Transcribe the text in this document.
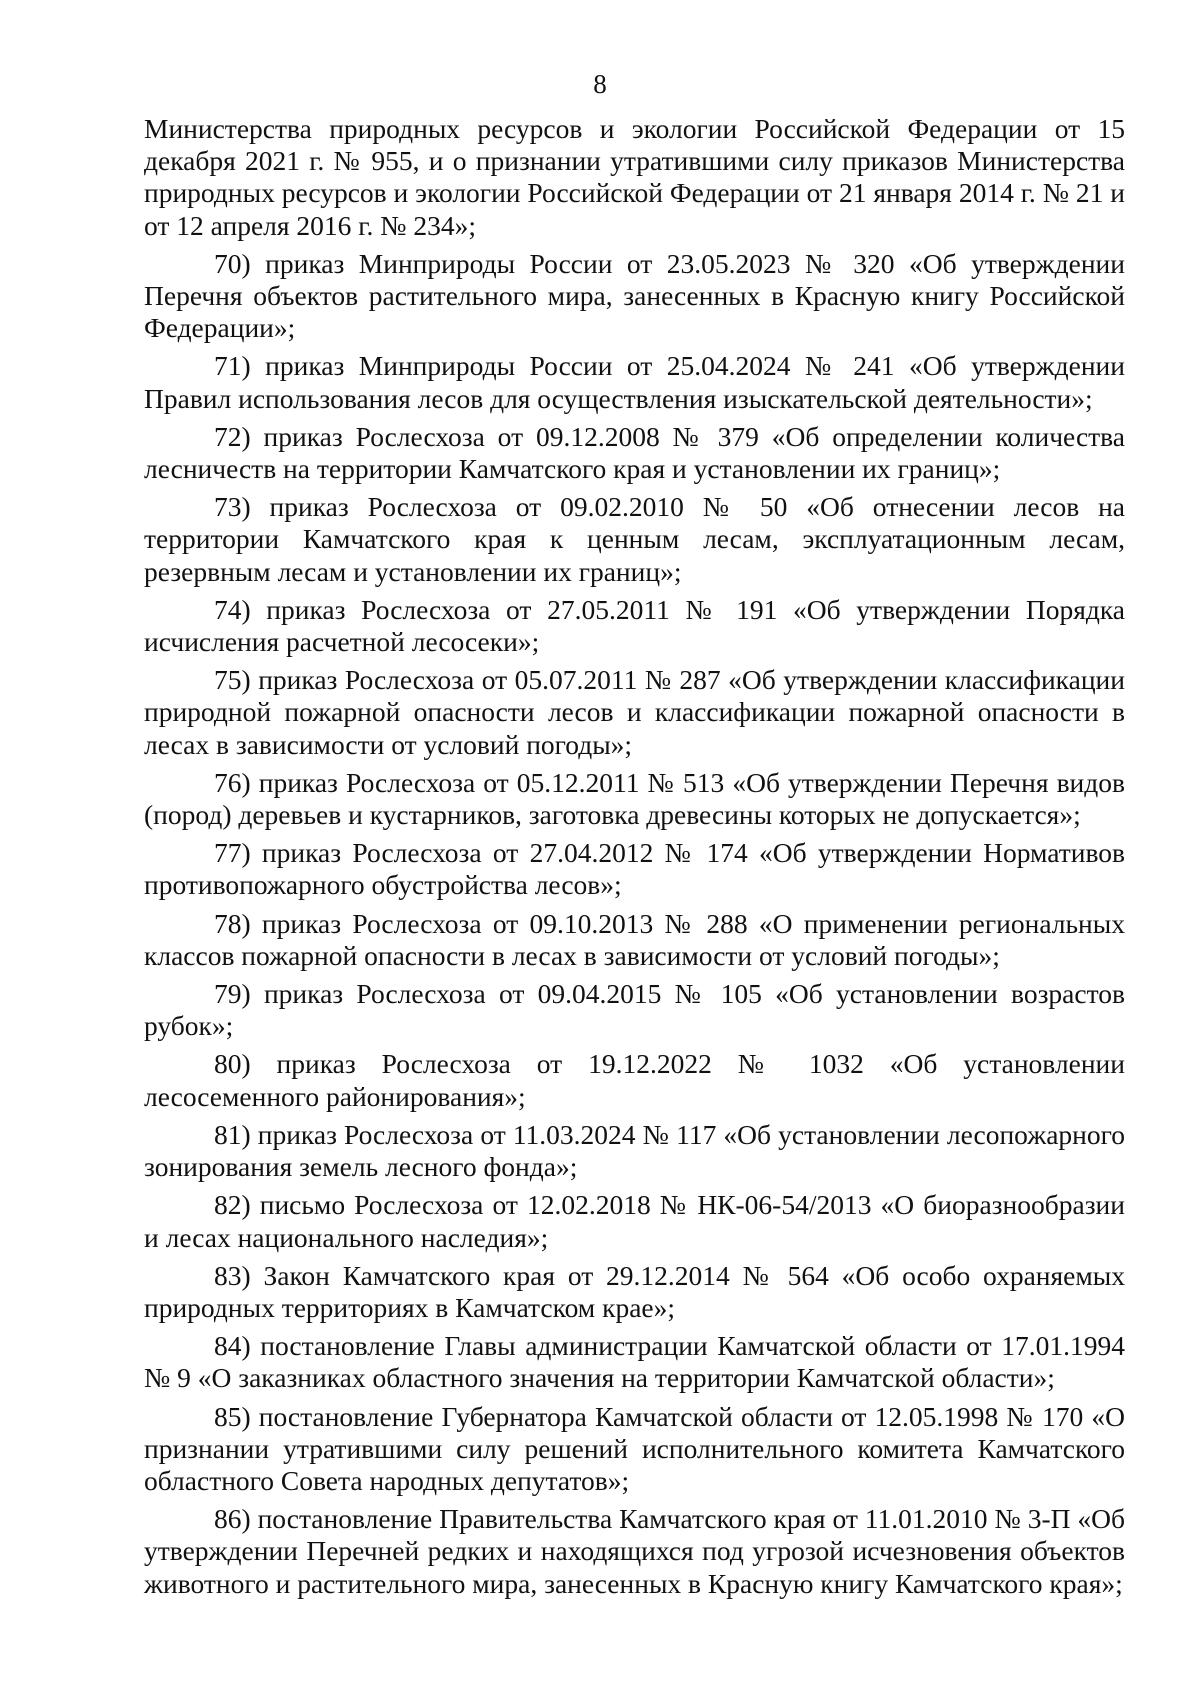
8

Министерства природных ресурсов и экологии Российской Федерации от 15 декабря 2021 г. № 955, и о признании утратившими силу приказов Министерства природных ресурсов и экологии Российской Федерации от 21 января 2014 г. № 21 и от 12 апреля 2016 г. № 234»;

70) приказ Минприроды России от 23.05.2023 № 320 «Об утверждении Перечня объектов растительного мира, занесенных в Красную книгу Российской Федерации»;

71) приказ Минприроды России от 25.04.2024 № 241 «Об утверждении Правил использования лесов для осуществления изыскательской деятельности»;

72) приказ Рослесхоза от 09.12.2008 № 379 «Об определении количества лесничеств на территории Камчатского края и установлении их границ»;

73) приказ Рослесхоза от 09.02.2010 № 50 «Об отнесении лесов на территории Камчатского края к ценным лесам, эксплуатационным лесам, резервным лесам и установлении их границ»;

74) приказ Рослесхоза от 27.05.2011 № 191 «Об утверждении Порядка исчисления расчетной лесосеки»;

75) приказ Рослесхоза от 05.07.2011 № 287 «Об утверждении классификации природной пожарной опасности лесов и классификации пожарной опасности в лесах в зависимости от условий погоды»;

76) приказ Рослесхоза от 05.12.2011 № 513 «Об утверждении Перечня видов (пород) деревьев и кустарников, заготовка древесины которых не допускается»;

77) приказ Рослесхоза от 27.04.2012 № 174 «Об утверждении Нормативов противопожарного обустройства лесов»;

78) приказ Рослесхоза от 09.10.2013 № 288 «О применении региональных классов пожарной опасности в лесах в зависимости от условий погоды»;

79) приказ Рослесхоза от 09.04.2015 № 105 «Об установлении возрастов рубок»;

80) приказ Рослесхоза от 19.12.2022 № 1032 «Об установлении лесосеменного районирования»;

81) приказ Рослесхоза от 11.03.2024 № 117 «Об установлении лесопожарного зонирования земель лесного фонда»;

82) письмо Рослесхоза от 12.02.2018 № НК-06-54/2013 «О биоразнообразии и лесах национального наследия»;

83) Закон Камчатского края от 29.12.2014 № 564 «Об особо охраняемых природных территориях в Камчатском крае»;

84) постановление Главы администрации Камчатской области от 17.01.1994 № 9 «О заказниках областного значения на территории Камчатской области»;

85) постановление Губернатора Камчатской области от 12.05.1998 № 170 «О признании утратившими силу решений исполнительного комитета Камчатского областного Совета народных депутатов»;

86) постановление Правительства Камчатского края от 11.01.2010 № 3-П «Об утверждении Перечней редких и находящихся под угрозой исчезновения объектов животного и растительного мира, занесенных в Красную книгу Камчатского края»;
